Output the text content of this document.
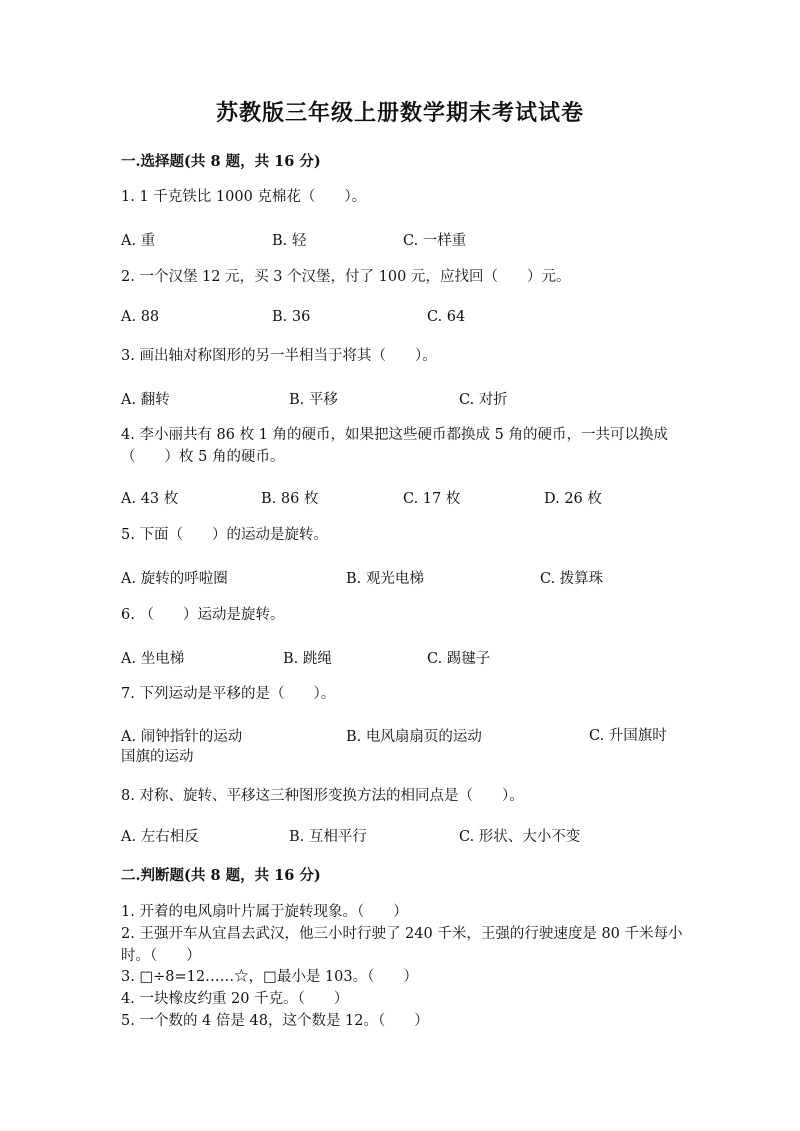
苏教版三年级上册数学期末考试试卷
一.选择题(共 8 题，共 16 分)
1. 1 千克铁比 1000 克棉花（　　）。
A. 重	B. 轻	C. 一样重
2. 一个汉堡 12 元，买 3 个汉堡，付了 100 元，应找回（　　）元。
A. 88	B. 36	C. 64
3. 画出轴对称图形的另一半相当于将其（　　）。
A. 翻转	B. 平移	C. 对折
4. 李小丽共有 86 枚 1 角的硬币，如果把这些硬币都换成 5 角的硬币，一共可以换成（　　）枚 5 角的硬币。
A. 43 枚	B. 86 枚	C. 17 枚	D. 26 枚
5. 下面（　　）的运动是旋转。
A. 旋转的呼啦圈	B. 观光电梯	C. 拨算珠
6. （　　）运动是旋转。
A. 坐电梯	B. 跳绳	C. 踢毽子
7. 下列运动是平移的是（　　）。
A. 闹钟指针的运动	B. 电风扇扇页的运动	C. 升国旗时国旗的运动
8. 对称、旋转、平移这三种图形变换方法的相同点是（　　）。
A. 左右相反	B. 互相平行	C. 形状、大小不变
二.判断题(共 8 题，共 16 分)
1. 开着的电风扇叶片属于旋转现象。（　　）
2. 王强开车从宜昌去武汉，他三小时行驶了 240 千米，王强的行驶速度是 80 千米每小时。（　　）
3. □÷8=12……☆，□最小是 103。（　　）
4. 一块橡皮约重 20 千克。（　　）
5. 一个数的 4 倍是 48，这个数是 12。（　　）
